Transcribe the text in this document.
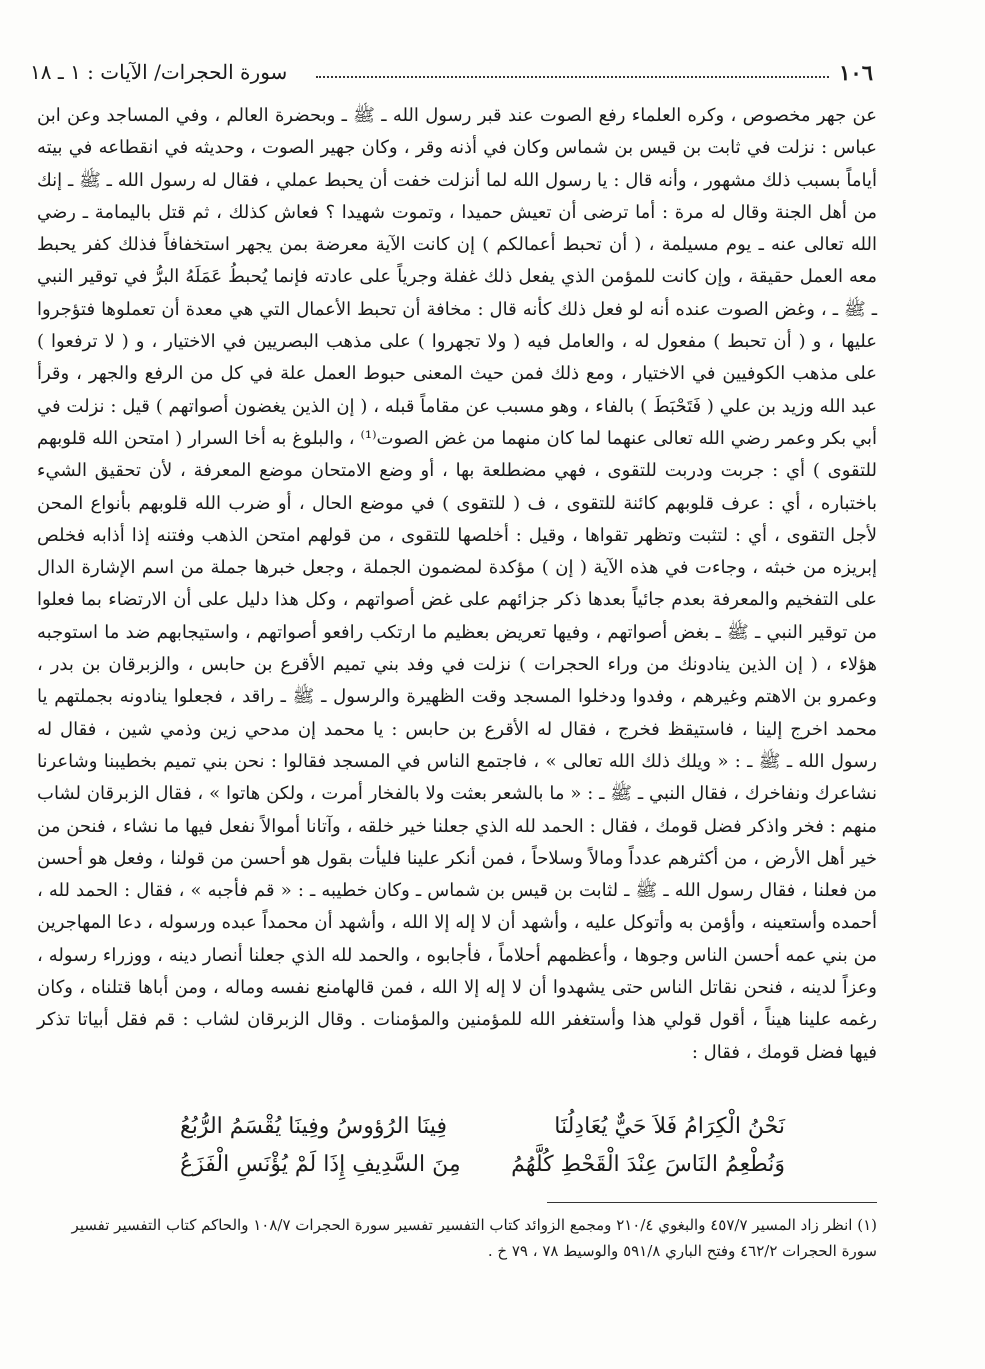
١٠٦
سورة الحجرات/ الآيات : ١ ـ ١٨

عن جهر مخصوص ، وكره العلماء رفع الصوت عند قبر رسول الله ـ ﷺ ـ وبحضرة العالم ، وفي المساجد وعن ابن عباس : نزلت في ثابت بن قيس بن شماس وكان في أذنه وقر ، وكان جهير الصوت ، وحديثه في انقطاعه في بيته أياماً بسبب ذلك مشهور ، وأنه قال : يا رسول الله لما أنزلت خفت أن يحبط عملي ، فقال له رسول الله ـ ﷺ ـ إنك من أهل الجنة وقال له مرة : أما ترضى أن تعيش حميدا ، وتموت شهيدا ؟ فعاش كذلك ، ثم قتل باليمامة ـ رضي الله تعالى عنه ـ يوم مسيلمة ، ( أن تحبط أعمالكم ) إن كانت الآية معرضة بمن يجهر استخفافاً فذلك كفر يحبط معه العمل حقيقة ، وإن كانت للمؤمن الذي يفعل ذلك غفلة وجرياً على عادته فإنما يُحبطُ عَمَلَهُ البرُّ في توقير النبي ـ ﷺ ـ ، وغض الصوت عنده أنه لو فعل ذلك كأنه قال : مخافة أن تحبط الأعمال التي هي معدة أن تعملوها فتؤجروا عليها ، و ( أن تحبط ) مفعول له ، والعامل فيه ( ولا تجهروا ) على مذهب البصريين في الاختيار ، و ( لا ترفعوا ) على مذهب الكوفيين في الاختيار ، ومع ذلك فمن حيث المعنى حبوط العمل علة في كل من الرفع والجهر ، وقرأ عبد الله وزيد بن علي ( فَتَحْبَطَ ) بالفاء ، وهو مسبب عن مقاماً قبله ، ( إن الذين يغضون أصواتهم ) قيل : نزلت في أبي بكر وعمر رضي الله تعالى عنهما لما كان منهما من غض الصوت⁽¹⁾ ، والبلوغ به أخا السرار ( امتحن الله قلوبهم للتقوى ) أي : جربت ودربت للتقوى ، فهي مضطلعة بها ، أو وضع الامتحان موضع المعرفة ، لأن تحقيق الشيء باختباره ، أي : عرف قلوبهم كائنة للتقوى ، ف ( للتقوى ) في موضع الحال ، أو ضرب الله قلوبهم بأنواع المحن لأجل التقوى ، أي : لتثبت وتظهر تقواها ، وقيل : أخلصها للتقوى ، من قولهم امتحن الذهب وفتنه إذا أذابه فخلص إبريزه من خبثه ، وجاءت في هذه الآية ( إن ) مؤكدة لمضمون الجملة ، وجعل خبرها جملة من اسم الإشارة الدال على التفخيم والمعرفة بعدم جائياً بعدها ذكر جزائهم على غض أصواتهم ، وكل هذا دليل على أن الارتضاء بما فعلوا من توقير النبي ـ ﷺ ـ بغض أصواتهم ، وفيها تعريض بعظيم ما ارتكب رافعو أصواتهم ، واستيجابهم ضد ما استوجبه هؤلاء ، ( إن الذين ينادونك من وراء الحجرات ) نزلت في وفد بني تميم الأقرع بن حابس ، والزبرقان بن بدر ، وعمرو بن الاهتم وغيرهم ، وفدوا ودخلوا المسجد وقت الظهيرة والرسول ـ ﷺ ـ راقد ، فجعلوا ينادونه بجملتهم يا محمد اخرج إلينا ، فاستيقظ فخرج ، فقال له الأقرع بن حابس : يا محمد إن مدحي زين وذمي شين ، فقال له رسول الله ـ ﷺ ـ : « ويلك ذلك الله تعالى » ، فاجتمع الناس في المسجد فقالوا : نحن بني تميم بخطيبنا وشاعرنا نشاعرك ونفاخرك ، فقال النبي ـ ﷺ ـ : « ما بالشعر بعثت ولا بالفخار أمرت ، ولكن هاتوا » ، فقال الزبرقان لشاب منهم : فخر واذكر فضل قومك ، فقال : الحمد لله الذي جعلنا خير خلقه ، وآتانا أموالاً نفعل فيها ما نشاء ، فنحن من خير أهل الأرض ، من أكثرهم عدداً ومالاً وسلاحاً ، فمن أنكر علينا فليأت بقول هو أحسن من قولنا ، وفعل هو أحسن من فعلنا ، فقال رسول الله ـ ﷺ ـ لثابت بن قيس بن شماس ـ وكان خطيبه ـ : « قم فأجبه » ، فقال : الحمد لله ، أحمده وأستعينه ، وأؤمن به وأتوكل عليه ، وأشهد أن لا إله إلا الله ، وأشهد أن محمداً عبده ورسوله ، دعا المهاجرين من بني عمه أحسن الناس وجوها ، وأعظمهم أحلاماً ، فأجابوه ، والحمد لله الذي جعلنا أنصار دينه ، ووزراء رسوله ، وعزاً لدينه ، فنحن نقاتل الناس حتى يشهدوا أن لا إله إلا الله ، فمن قالهامنع نفسه وماله ، ومن أباها قتلناه ، وكان رغمه علينا هيناً ، أقول قولي هذا وأستغفر الله للمؤمنين والمؤمنات . وقال الزبرقان لشاب : قم فقل أبياتا تذكر فيها فضل قومك ، فقال :

نَحْنُ الْكِرَامُ فَلاَ حَيٌّ يُعَادِلُنَا
فِينَا الرُؤوسُ وفِينَا يُقْسَمُ الرُّبُعُ
وَنُطْعِمُ النَاسَ عِنْدَ الْقَحْطِ كُلَّهُمُ
مِنَ السَّدِيفِ إِذَا لَمْ يُؤْنَسِ الْفَزَعُ
(١) انظر زاد المسير ٤٥٧/٧ والبغوي ٢١٠/٤ ومجمع الزوائد كتاب التفسير تفسير سورة الحجرات ١٠٨/٧ والحاكم كتاب التفسير تفسير سورة الحجرات ٤٦٢/٢ وفتح الباري ٥٩١/٨ والوسيط ٧٨ ، ٧٩ خ .
